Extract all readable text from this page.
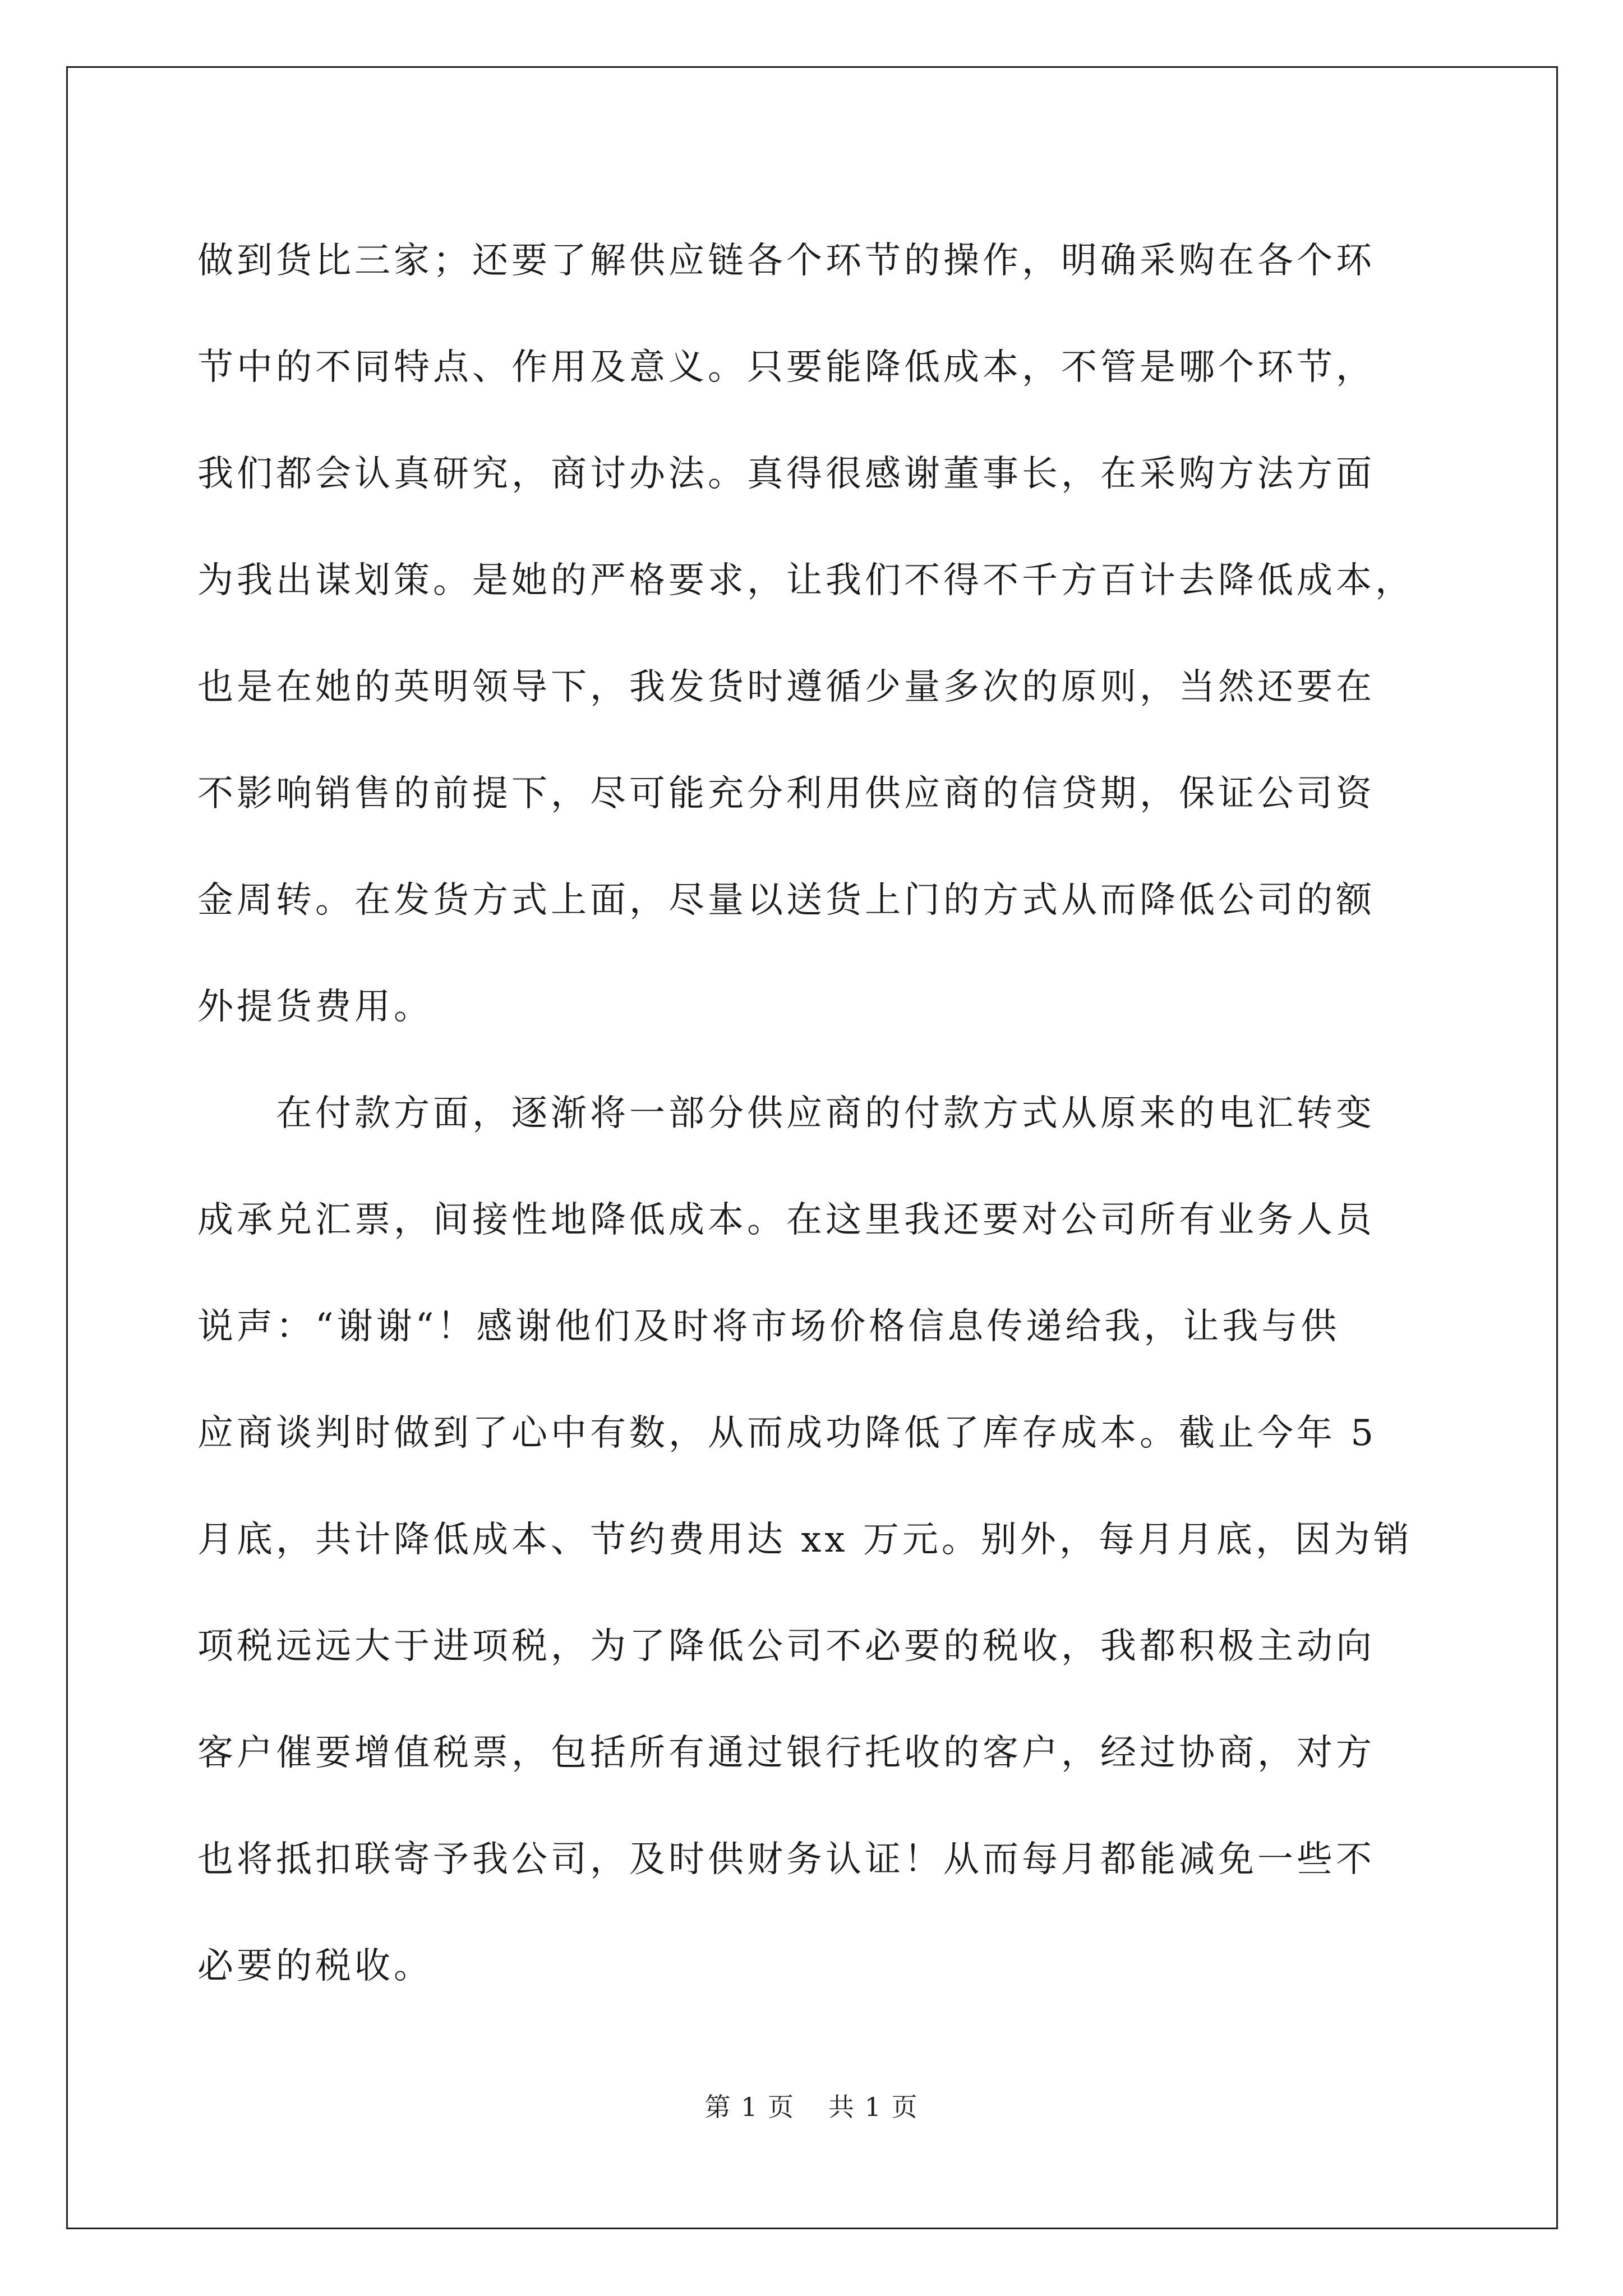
做到货比三家；还要了解供应链各个环节的操作，明确采购在各个环
节中的不同特点、作用及意义。只要能降低成本，不管是哪个环节，
我们都会认真研究，商讨办法。真得很感谢董事长，在采购方法方面
为我出谋划策。是她的严格要求，让我们不得不千方百计去降低成本，
也是在她的英明领导下，我发货时遵循少量多次的原则，当然还要在
不影响销售的前提下，尽可能充分利用供应商的信贷期，保证公司资
金周转。在发货方式上面，尽量以送货上门的方式从而降低公司的额
外提货费用。

在付款方面，逐渐将一部分供应商的付款方式从原来的电汇转变
成承兑汇票，间接性地降低成本。在这里我还要对公司所有业务人员
说声：“谢谢“！感谢他们及时将市场价格信息传递给我，让我与供
应商谈判时做到了心中有数，从而成功降低了库存成本。截止今年 5
月底，共计降低成本、节约费用达 xx 万元。别外，每月月底，因为销
项税远远大于进项税，为了降低公司不必要的税收，我都积极主动向
客户催要增值税票，包括所有通过银行托收的客户，经过协商，对方
也将抵扣联寄予我公司，及时供财务认证！从而每月都能减免一些不
必要的税收。

第 1 页 共 1 页
